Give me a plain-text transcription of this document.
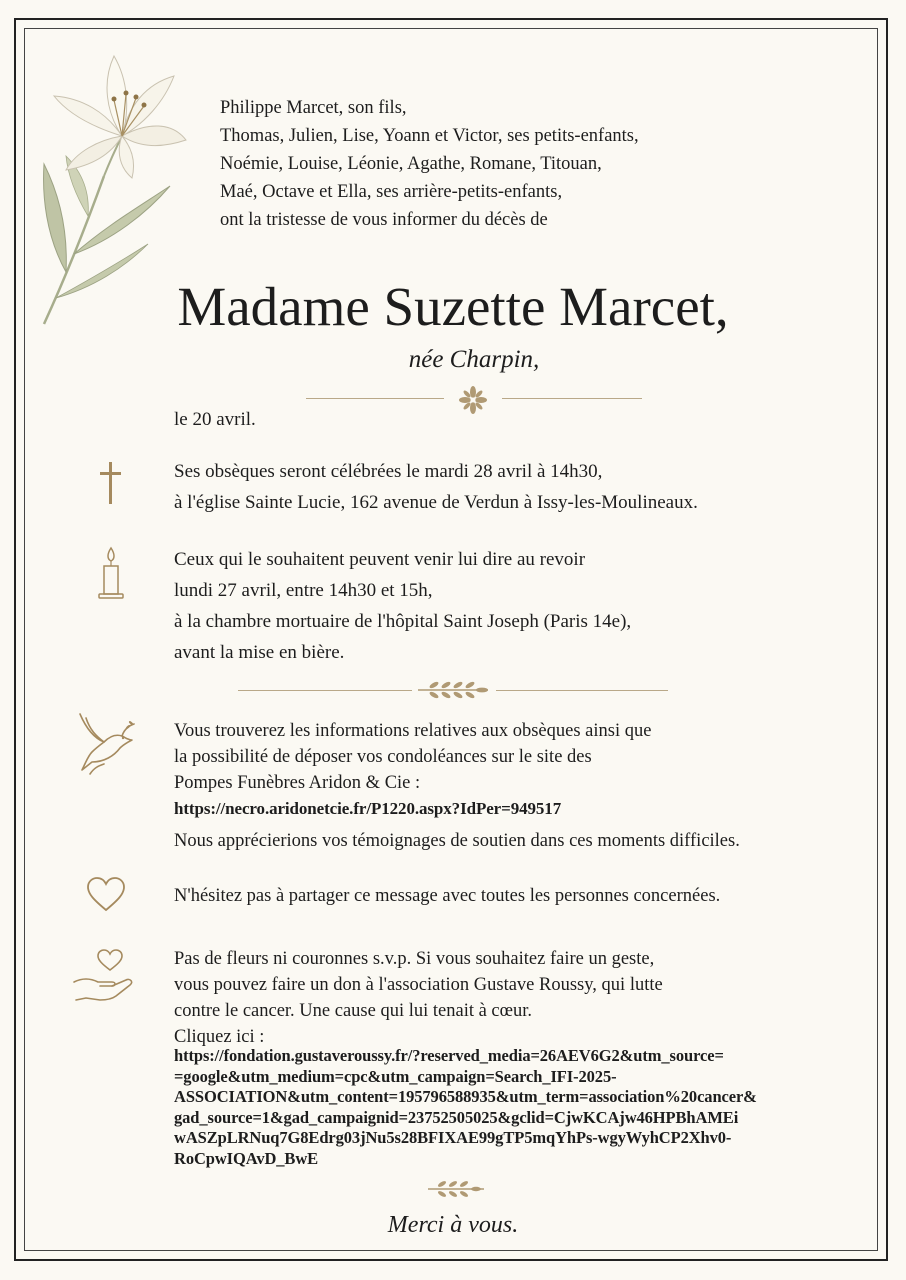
Philippe Marcet, son fils,
Thomas, Julien, Lise, Yoann et Victor, ses petits-enfants,
Noémie, Louise, Léonie, Agathe, Romane, Titouan,
Maé, Octave et Ella, ses arrière-petits-enfants,
ont la tristesse de vous informer du décès de
Madame Suzette Marcet,
née Charpin,
le 20 avril.
Ses obsèques seront célébrées le mardi 28 avril à 14h30,
à l'église Sainte Lucie, 162 avenue de Verdun à Issy-les-Moulineaux.
Ceux qui le souhaitent peuvent venir lui dire au revoir
lundi 27 avril, entre 14h30 et 15h,
à la chambre mortuaire de l'hôpital Saint Joseph (Paris 14e),
avant la mise en bière.
Vous trouverez les informations relatives aux obsèques ainsi que
la possibilité de déposer vos condoléances sur le site des
Pompes Funèbres Aridon & Cie :
https://necro.aridonetcie.fr/P1220.aspx?IdPer=949517
Nous apprécierions vos témoignages de soutien dans ces moments difficiles.
N'hésitez pas à partager ce message avec toutes les personnes concernées.
Pas de fleurs ni couronnes s.v.p. Si vous souhaitez faire un geste,
vous pouvez faire un don à l'association Gustave Roussy, qui lutte
contre le cancer. Une cause qui lui tenait à cœur.
Cliquez ici :
https://fondation.gustaveroussy.fr/?reserved_media=26AEV6G2&utm_source=
=google&utm_medium=cpc&utm_campaign=Search_IFI-2025-
ASSOCIATION&utm_content=195796588935&utm_term=association%20cancer&
gad_source=1&gad_campaignid=23752505025&gclid=CjwKCAjw46HPBhAMEi
wASZpLRNuq7G8Edrg03jNu5s28BFIXAE99gTP5mqYhPs-wgyWyhCP2Xhv0-
RoCpwIQAvD_BwE
Merci à vous.
